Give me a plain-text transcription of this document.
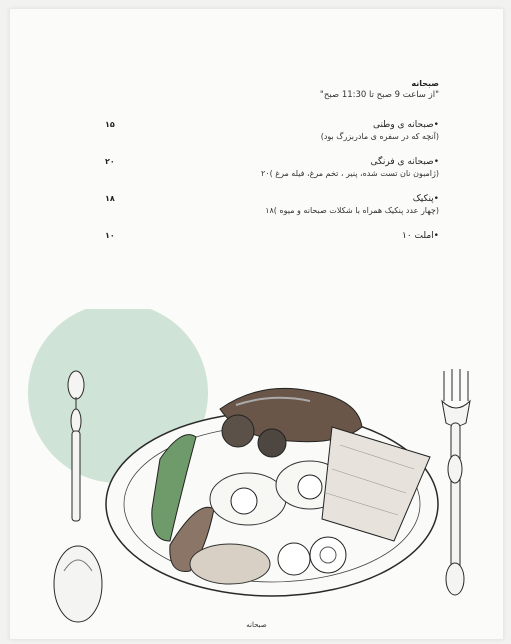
صبحانه
"از ساعت 9 صبح تا 11:30 صبح"
•صبحانه ی وطنی
(آنچه که در سفره ی مادربزرگ بود)
۱۵
•صبحانه ی فرنگی
(ژامبون نان تست شده، پنیر ، تخم مرغ، فیله مرغ )۲۰
۲۰
•پنکیک
(چهار عدد پنکیک همراه با شکلات صبحانه و میوه )۱۸
۱۸
•املت ۱۰
۱۰
صبحانه
